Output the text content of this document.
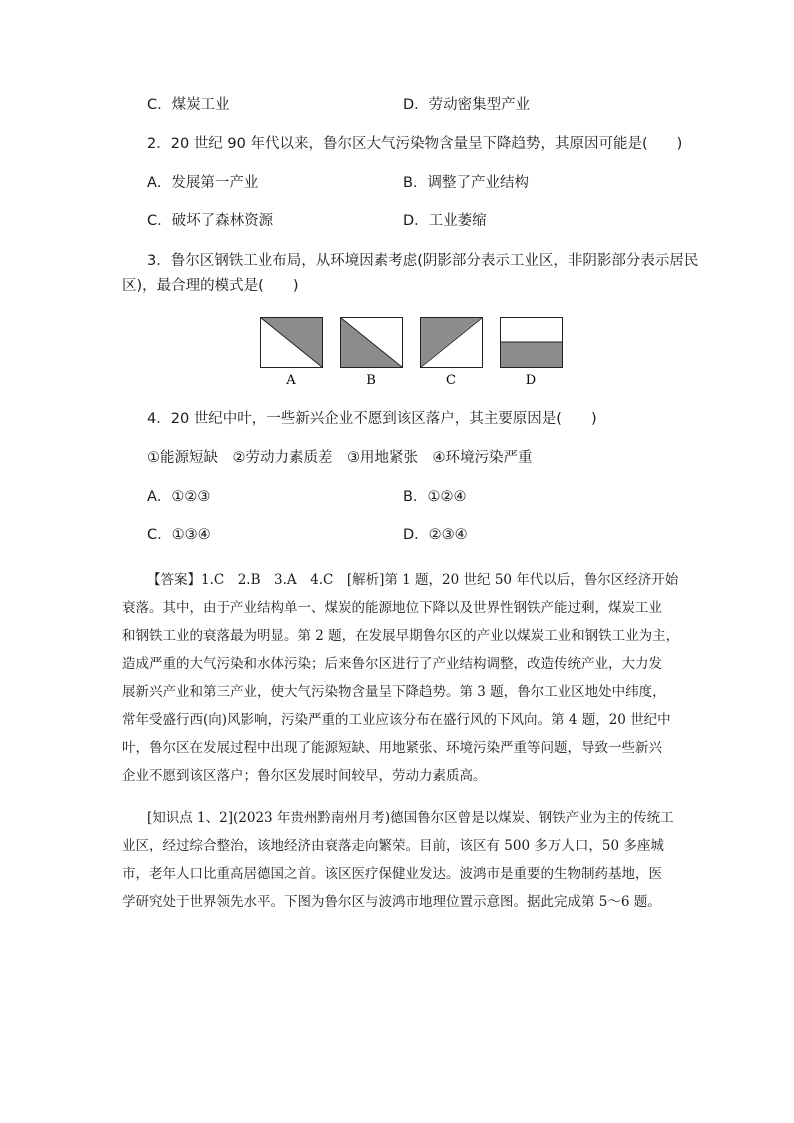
C．煤炭工业	D．劳动密集型产业
2．20 世纪 90 年代以来，鲁尔区大气污染物含量呈下降趋势，其原因可能是(　　)
A．发展第一产业	B．调整了产业结构
C．破坏了森林资源	D．工业萎缩
3．鲁尔区钢铁工业布局，从环境因素考虑(阴影部分表示工业区，非阴影部分表示居民
区)，最合理的模式是(　　)
A	B	C	D
4．20 世纪中叶，一些新兴企业不愿到该区落户，其主要原因是(　　)
①能源短缺　②劳动力素质差　③用地紧张　④环境污染严重
A．①②③	B．①②④
C．①③④	D．②③④
【答案】1.C　2.B　3.A　4.C　[解析]第 1 题，20 世纪 50 年代以后，鲁尔区经济开始
衰落。其中，由于产业结构单一、煤炭的能源地位下降以及世界性钢铁产能过剩，煤炭工业
和钢铁工业的衰落最为明显。第 2 题，在发展早期鲁尔区的产业以煤炭工业和钢铁工业为主，
造成严重的大气污染和水体污染；后来鲁尔区进行了产业结构调整，改造传统产业，大力发
展新兴产业和第三产业，使大气污染物含量呈下降趋势。第 3 题，鲁尔工业区地处中纬度，
常年受盛行西(向)风影响，污染严重的工业应该分布在盛行风的下风向。第 4 题，20 世纪中
叶，鲁尔区在发展过程中出现了能源短缺、用地紧张、环境污染严重等问题，导致一些新兴
企业不愿到该区落户；鲁尔区发展时间较早，劳动力素质高。
[知识点 1、2](2023 年贵州黔南州月考)德国鲁尔区曾是以煤炭、钢铁产业为主的传统工
业区，经过综合整治，该地经济由衰落走向繁荣。目前，该区有 500 多万人口，50 多座城
市，老年人口比重高居德国之首。该区医疗保健业发达。波鸿市是重要的生物制药基地，医
学研究处于世界领先水平。下图为鲁尔区与波鸿市地理位置示意图。据此完成第 5～6 题。
